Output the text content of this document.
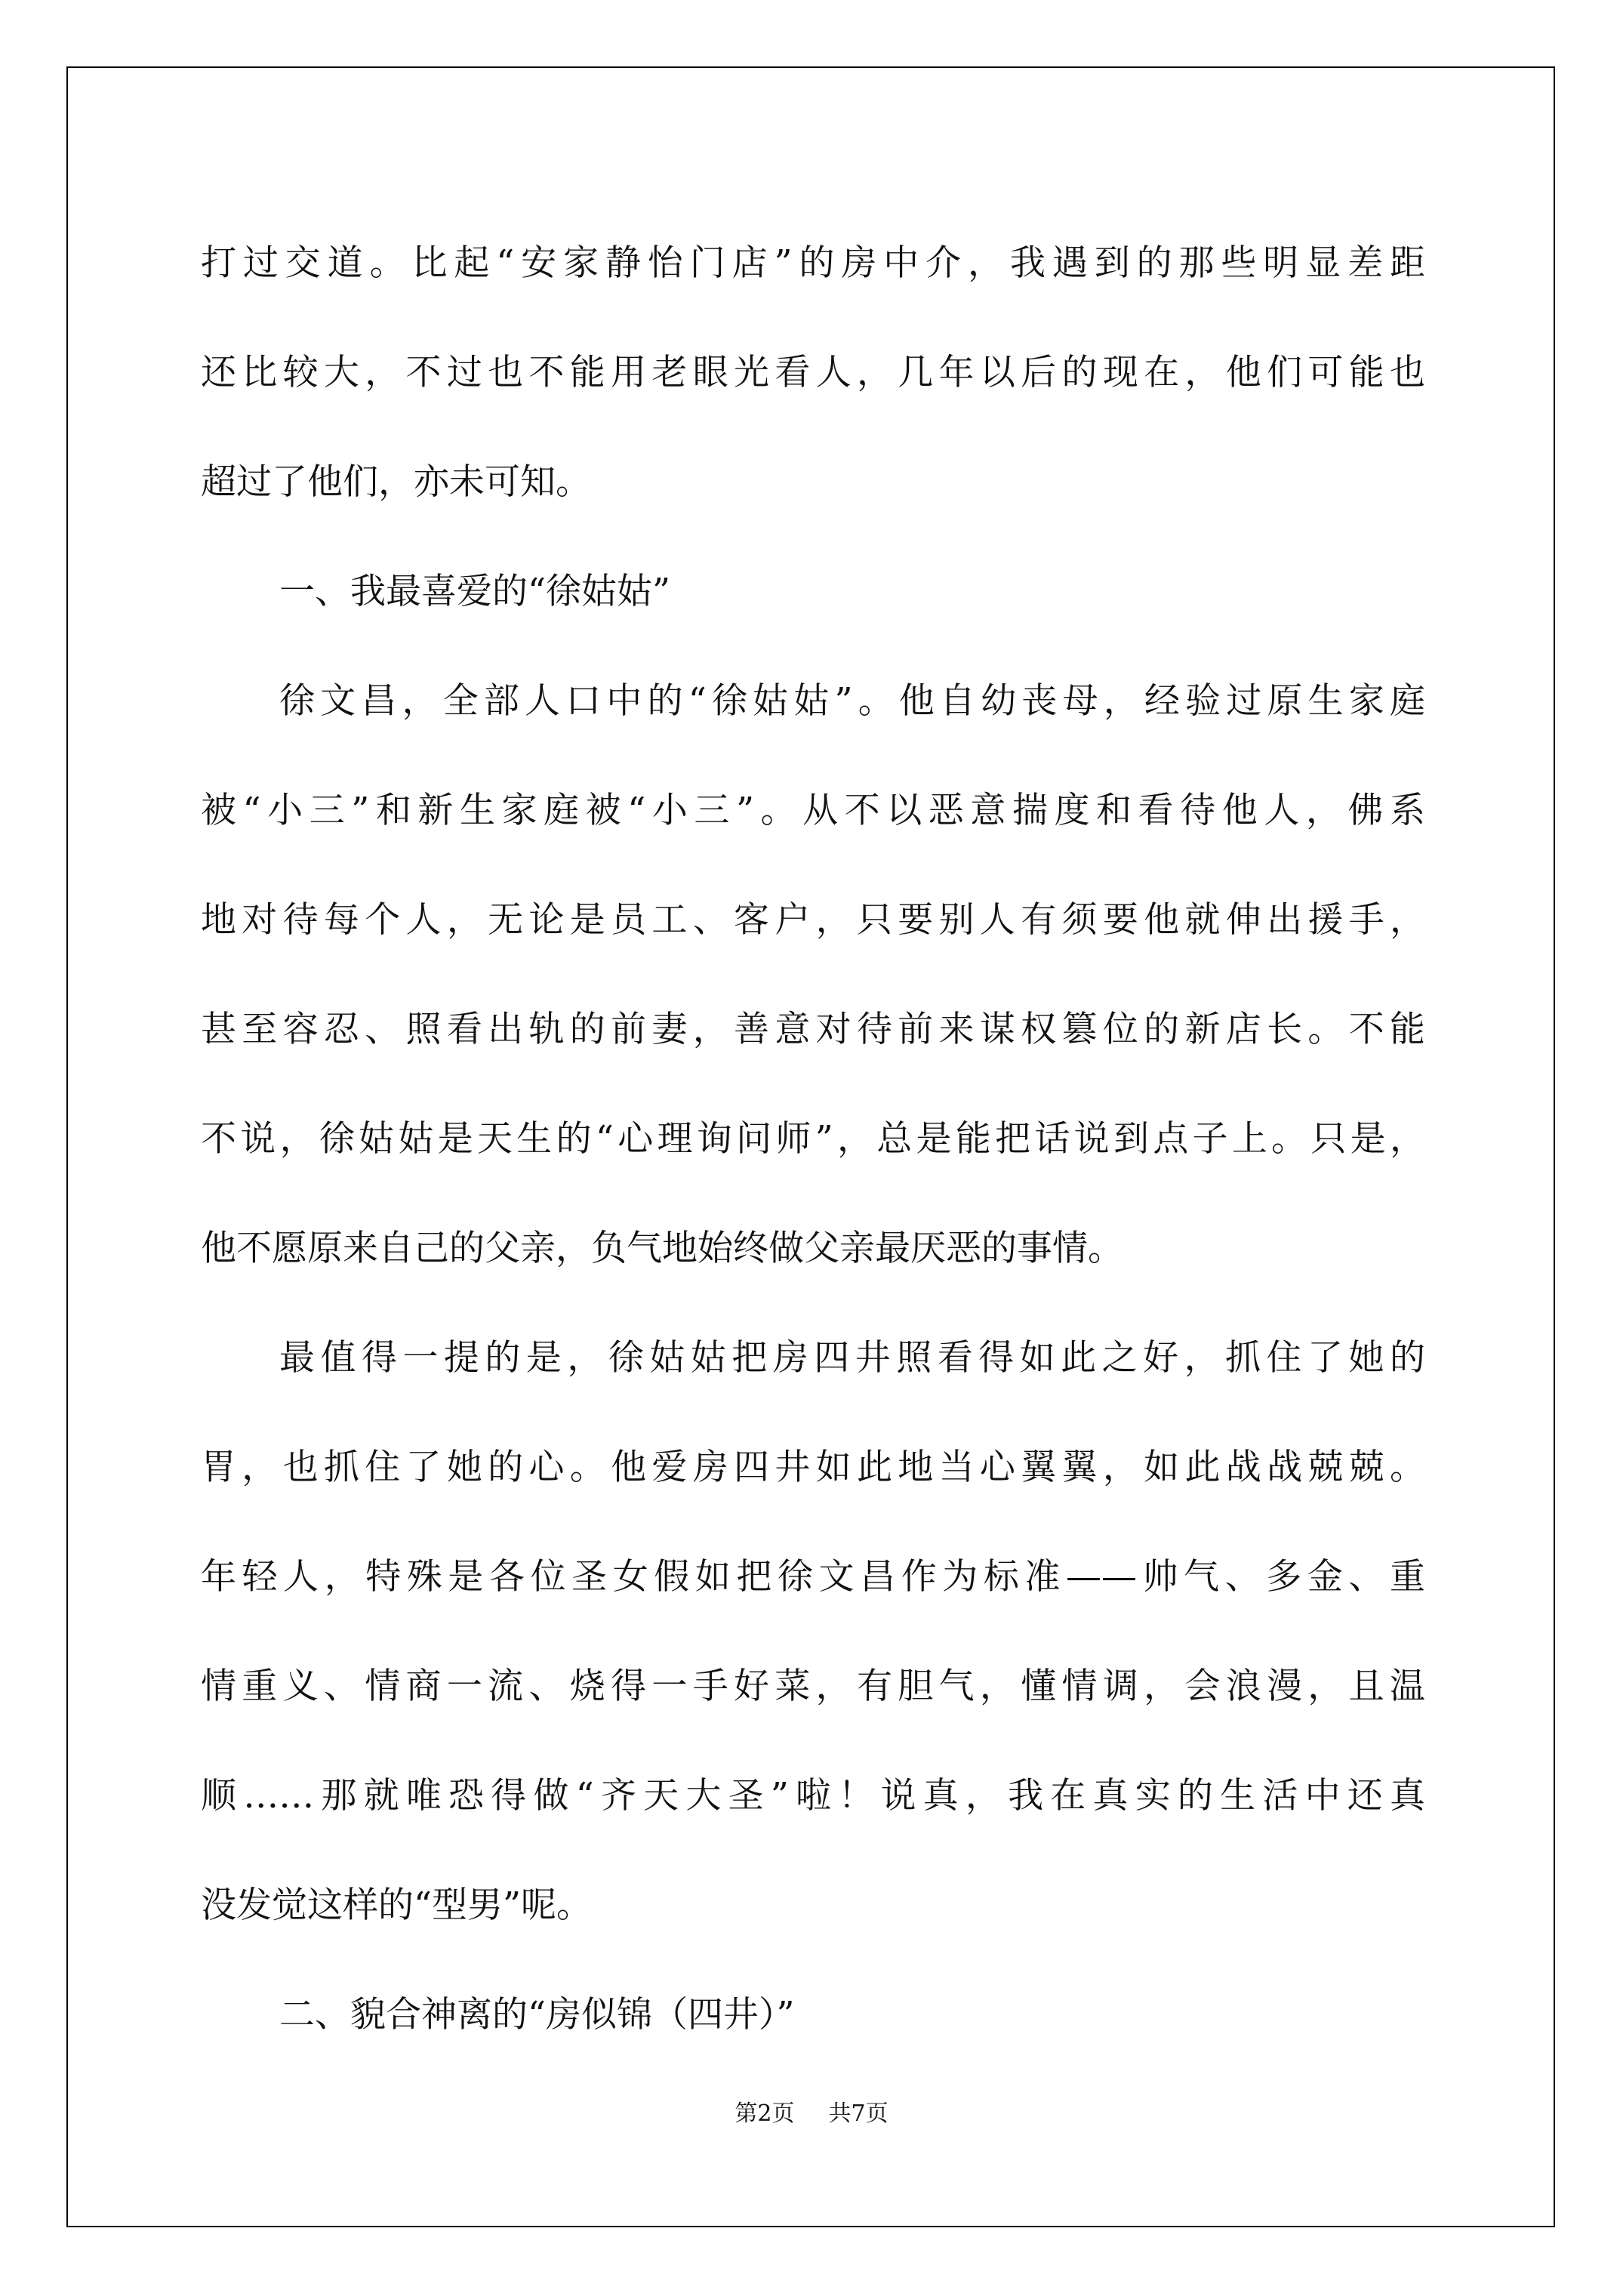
打过交道。比起“安家静怡门店”的房中介，我遇到的那些明显差距
还比较大，不过也不能用老眼光看人，几年以后的现在，他们可能也
超过了他们，亦未可知。
一、我最喜爱的“徐姑姑”
徐文昌，全部人口中的“徐姑姑”。他自幼丧母，经验过原生家庭
被“小三”和新生家庭被“小三”。从不以恶意揣度和看待他人，佛系
地对待每个人，无论是员工、客户，只要别人有须要他就伸出援手，
甚至容忍、照看出轨的前妻，善意对待前来谋权篡位的新店长。不能
不说，徐姑姑是天生的“心理询问师”，总是能把话说到点子上。只是，
他不愿原来自己的父亲，负气地始终做父亲最厌恶的事情。
最值得一提的是，徐姑姑把房四井照看得如此之好，抓住了她的
胃，也抓住了她的心。他爱房四井如此地当心翼翼，如此战战兢兢。
年轻人，特殊是各位圣女假如把徐文昌作为标准——帅气、多金、重
情重义、情商一流、烧得一手好菜，有胆气，懂情调，会浪漫，且温
顺……那就唯恐得做“齐天大圣”啦！说真，我在真实的生活中还真
没发觉这样的“型男”呢。
二、貌合神离的“房似锦（四井）”
第2页 共7页
